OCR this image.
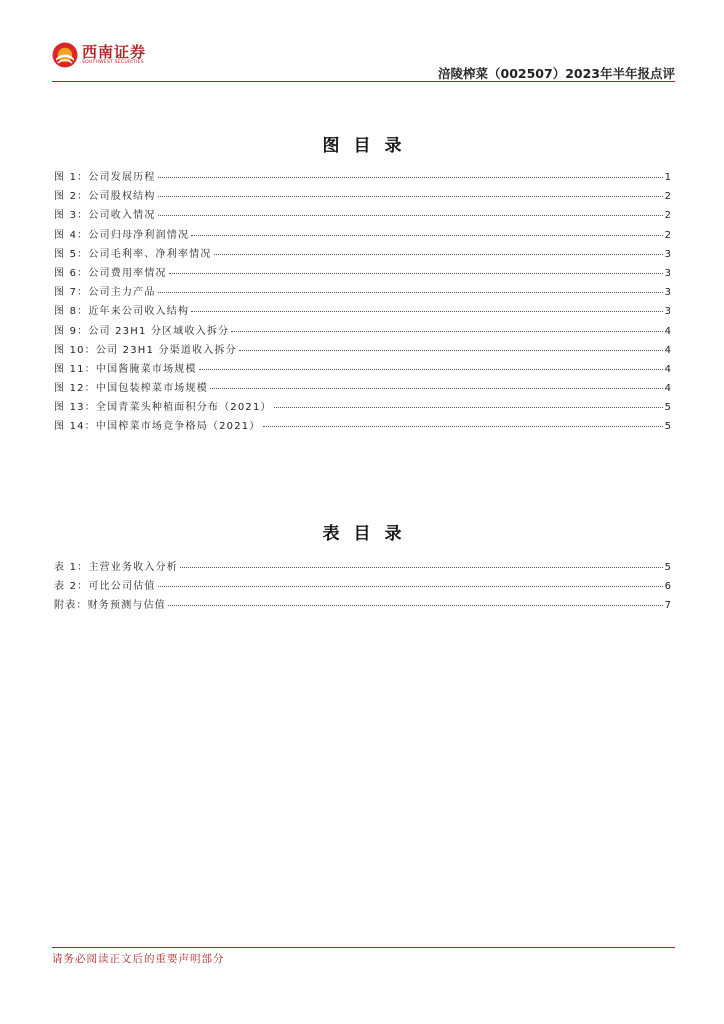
西南证券
SOUTHWEST SECURITIES
涪陵榨菜（002507）2023年半年报点评
图目录
图 1：公司发展历程	1
图 2：公司股权结构	2
图 3：公司收入情况	2
图 4：公司归母净利润情况	2
图 5：公司毛利率、净利率情况	3
图 6：公司费用率情况	3
图 7：公司主力产品	3
图 8：近年来公司收入结构	3
图 9：公司 23H1 分区域收入拆分	4
图 10：公司 23H1 分渠道收入拆分	4
图 11：中国酱腌菜市场规模	4
图 12：中国包装榨菜市场规模	4
图 13：全国青菜头种植面积分布（2021）	5
图 14：中国榨菜市场竞争格局（2021）	5
表目录
表 1：主营业务收入分析	5
表 2：可比公司估值	6
附表：财务预测与估值	7
请务必阅读正文后的重要声明部分
